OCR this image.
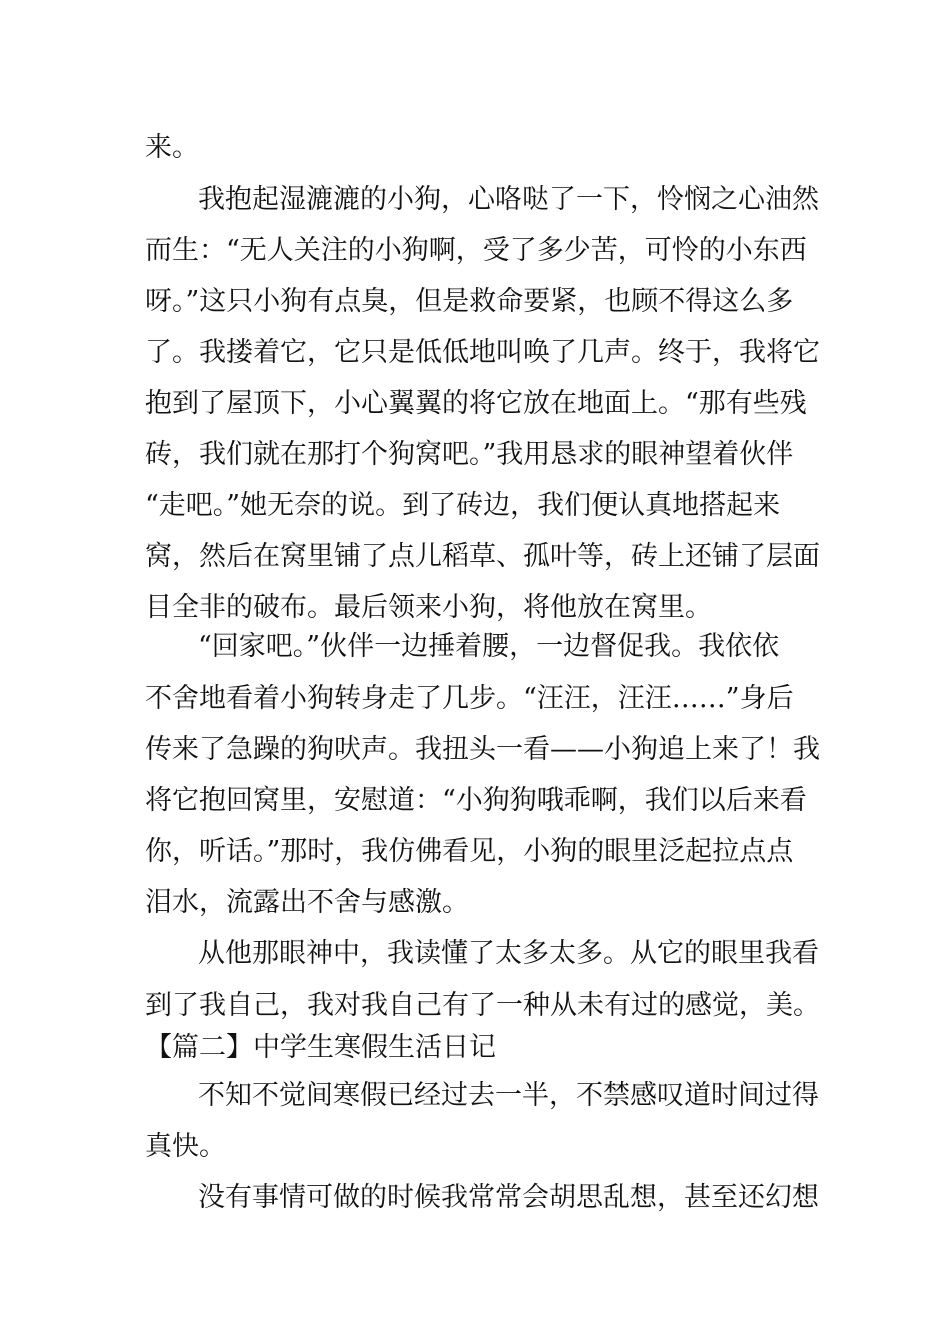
来。

我抱起湿漉漉的小狗，心咯哒了一下，怜悯之心油然

而生：“无人关注的小狗啊，受了多少苦，可怜的小东西

呀。”这只小狗有点臭，但是救命要紧，也顾不得这么多

了。我搂着它，它只是低低地叫唤了几声。终于，我将它

抱到了屋顶下，小心翼翼的将它放在地面上。“那有些残

砖，我们就在那打个狗窝吧。”我用恳求的眼神望着伙伴

“走吧。”她无奈的说。到了砖边，我们便认真地搭起来

窝，然后在窝里铺了点儿稻草、孤叶等，砖上还铺了层面

目全非的破布。最后领来小狗，将他放在窝里。

“回家吧。”伙伴一边捶着腰，一边督促我。我依依

不舍地看着小狗转身走了几步。“汪汪，汪汪……”身后

传来了急躁的狗吠声。我扭头一看——小狗追上来了！我

将它抱回窝里，安慰道：“小狗狗哦乖啊，我们以后来看

你，听话。”那时，我仿佛看见，小狗的眼里泛起拉点点

泪水，流露出不舍与感激。

从他那眼神中，我读懂了太多太多。从它的眼里我看

到了我自己，我对我自己有了一种从未有过的感觉，美。

【篇二】中学生寒假生活日记

不知不觉间寒假已经过去一半，不禁感叹道时间过得

真快。

没有事情可做的时候我常常会胡思乱想，甚至还幻想
